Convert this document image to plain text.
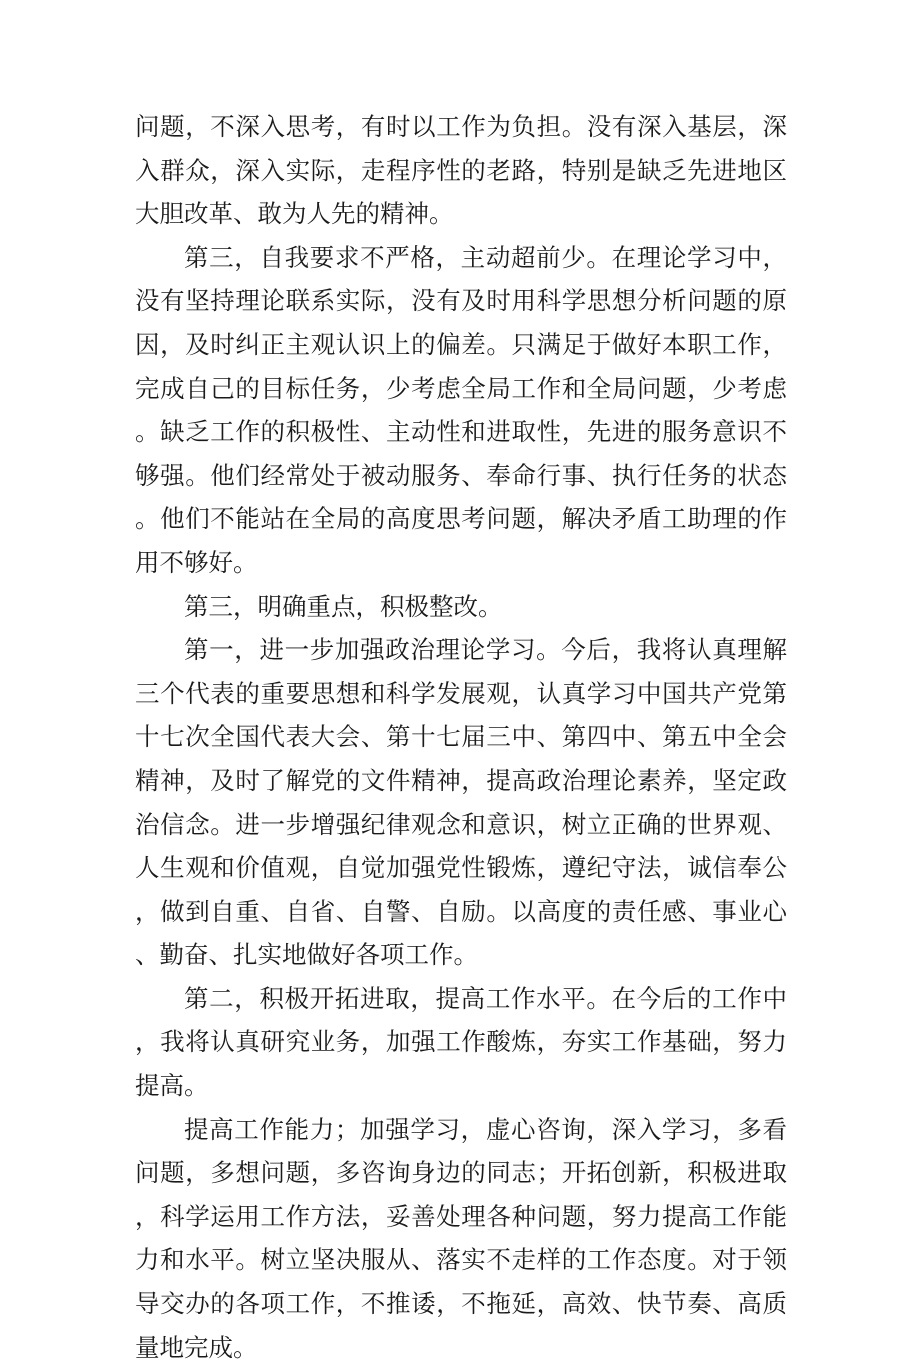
问题，不深入思考，有时以工作为负担。没有深入基层，深入群众，深入实际，走程序性的老路，特别是缺乏先进地区大胆改革、敢为人先的精神。

第三，自我要求不严格，主动超前少。在理论学习中，没有坚持理论联系实际，没有及时用科学思想分析问题的原因，及时纠正主观认识上的偏差。只满足于做好本职工作，完成自己的目标任务，少考虑全局工作和全局问题，少考虑。缺乏工作的积极性、主动性和进取性，先进的服务意识不够强。他们经常处于被动服务、奉命行事、执行任务的状态。他们不能站在全局的高度思考问题，解决矛盾工助理的作用不够好。

第三，明确重点，积极整改。

第一，进一步加强政治理论学习。今后，我将认真理解三个代表的重要思想和科学发展观，认真学习中国共产党第十七次全国代表大会、第十七届三中、第四中、第五中全会精神，及时了解党的文件精神，提高政治理论素养，坚定政治信念。进一步增强纪律观念和意识，树立正确的世界观、人生观和价值观，自觉加强党性锻炼，遵纪守法，诚信奉公，做到自重、自省、自警、自励。以高度的责任感、事业心、勤奋、扎实地做好各项工作。

第二，积极开拓进取，提高工作水平。在今后的工作中，我将认真研究业务，加强工作酸炼，夯实工作基础，努力提高。

提高工作能力；加强学习，虚心咨询，深入学习，多看问题，多想问题，多咨询身边的同志；开拓创新，积极进取，科学运用工作方法，妥善处理各种问题，努力提高工作能力和水平。树立坚决服从、落实不走样的工作态度。对于领导交办的各项工作，不推诿，不拖延，高效、快节奏、高质量地完成。
